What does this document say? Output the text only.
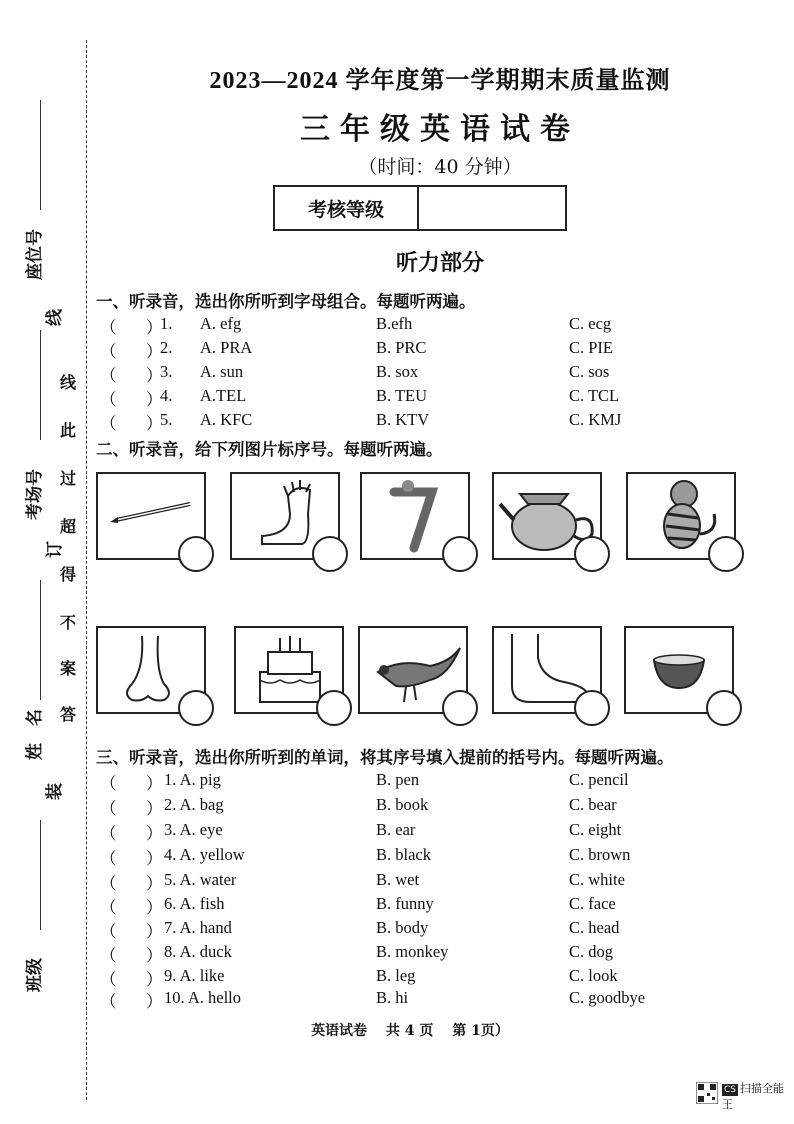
座位号
线
考场号
订
姓　名
装
班级
线
此
过
超
得
不
案
答
2023—2024 学年度第一学期期末质量监测
三年级英语试卷
（时间：40 分钟）
考核等级
听力部分
一、听录音，选出你所听到字母组合。每题听两遍。
（ ）
1. A. efg	B.efh	C. ecg
（ ）
2. A. PRA	B. PRC	C. PIE
（ ）
3. A. sun	B. sox	C. sos
（ ）
4. A.TEL	B. TEU	C. TCL
（ ）
5. A. KFC	B. KTV	C. KMJ
二、听录音，给下列图片标序号。每题听两遍。
三、听录音，选出你所听到的单词，将其序号填入提前的括号内。每题听两遍。
（ ） 1. A. pig	B. pen	C. pencil
（ ） 2. A. bag	B. book	C. bear
（ ） 3. A. eye	B. ear	C. eight
（ ） 4. A. yellow	B. black	C. brown
（ ） 5. A. water	B. wet	C. white
（ ） 6. A. fish	B. funny	C. face
（ ） 7. A. hand	B. body	C. head
（ ） 8. A. duck	B. monkey	C. dog
（ ） 9. A. like	B. leg	C. look
（ ） 10. A. hello	B. hi	C. goodbye
英语试卷　 共 4 页　 第 1页）
CS 扫描全能王
